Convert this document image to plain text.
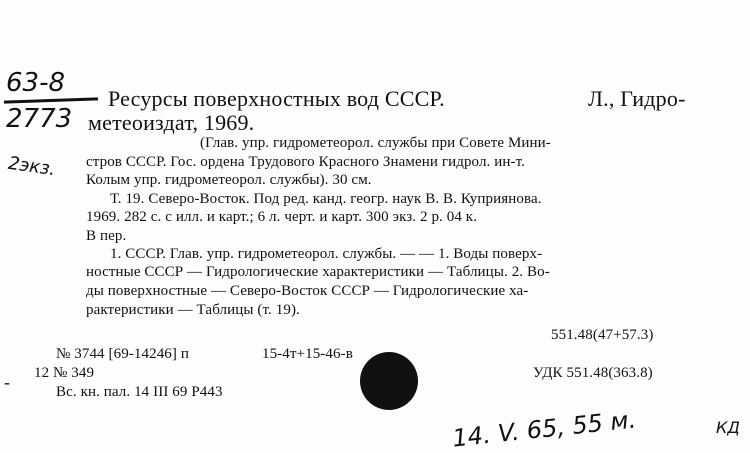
63-8
2773
2экз.
Ресурсы поверхностных вод СССР.	Л., Гидро-
метеоиздат, 1969.
(Глав. упр. гидрометеорол. службы при Совете Мини-
стров СССР. Гос. ордена Трудового Красного Знамени гидрол. ин-т.
Колым упр. гидрометеорол. службы). 30 см.
Т. 19. Северо-Восток. Под ред. канд. геогр. наук В. В. Куприянова.
1969. 282 с. с илл. и карт.; 6 л. черт. и карт. 300 экз. 2 р. 04 к.
В пер.
1. СССР. Глав. упр. гидрометеорол. службы. — — 1. Воды поверх-
ностные СССР — Гидрологические характеристики — Таблицы. 2. Во-
ды поверхностные — Северо-Восток СССР — Гидрологические ха-
рактеристики — Таблицы (т. 19).
551.48(47+57.3)
№ 3744 [69-14246] п	15-4т+15-46-в
- 12 № 349	УДК 551.48(363.8)
Вс. кн. пал. 14 III 69 Р443
14. V. 65, 55 м.	КД
